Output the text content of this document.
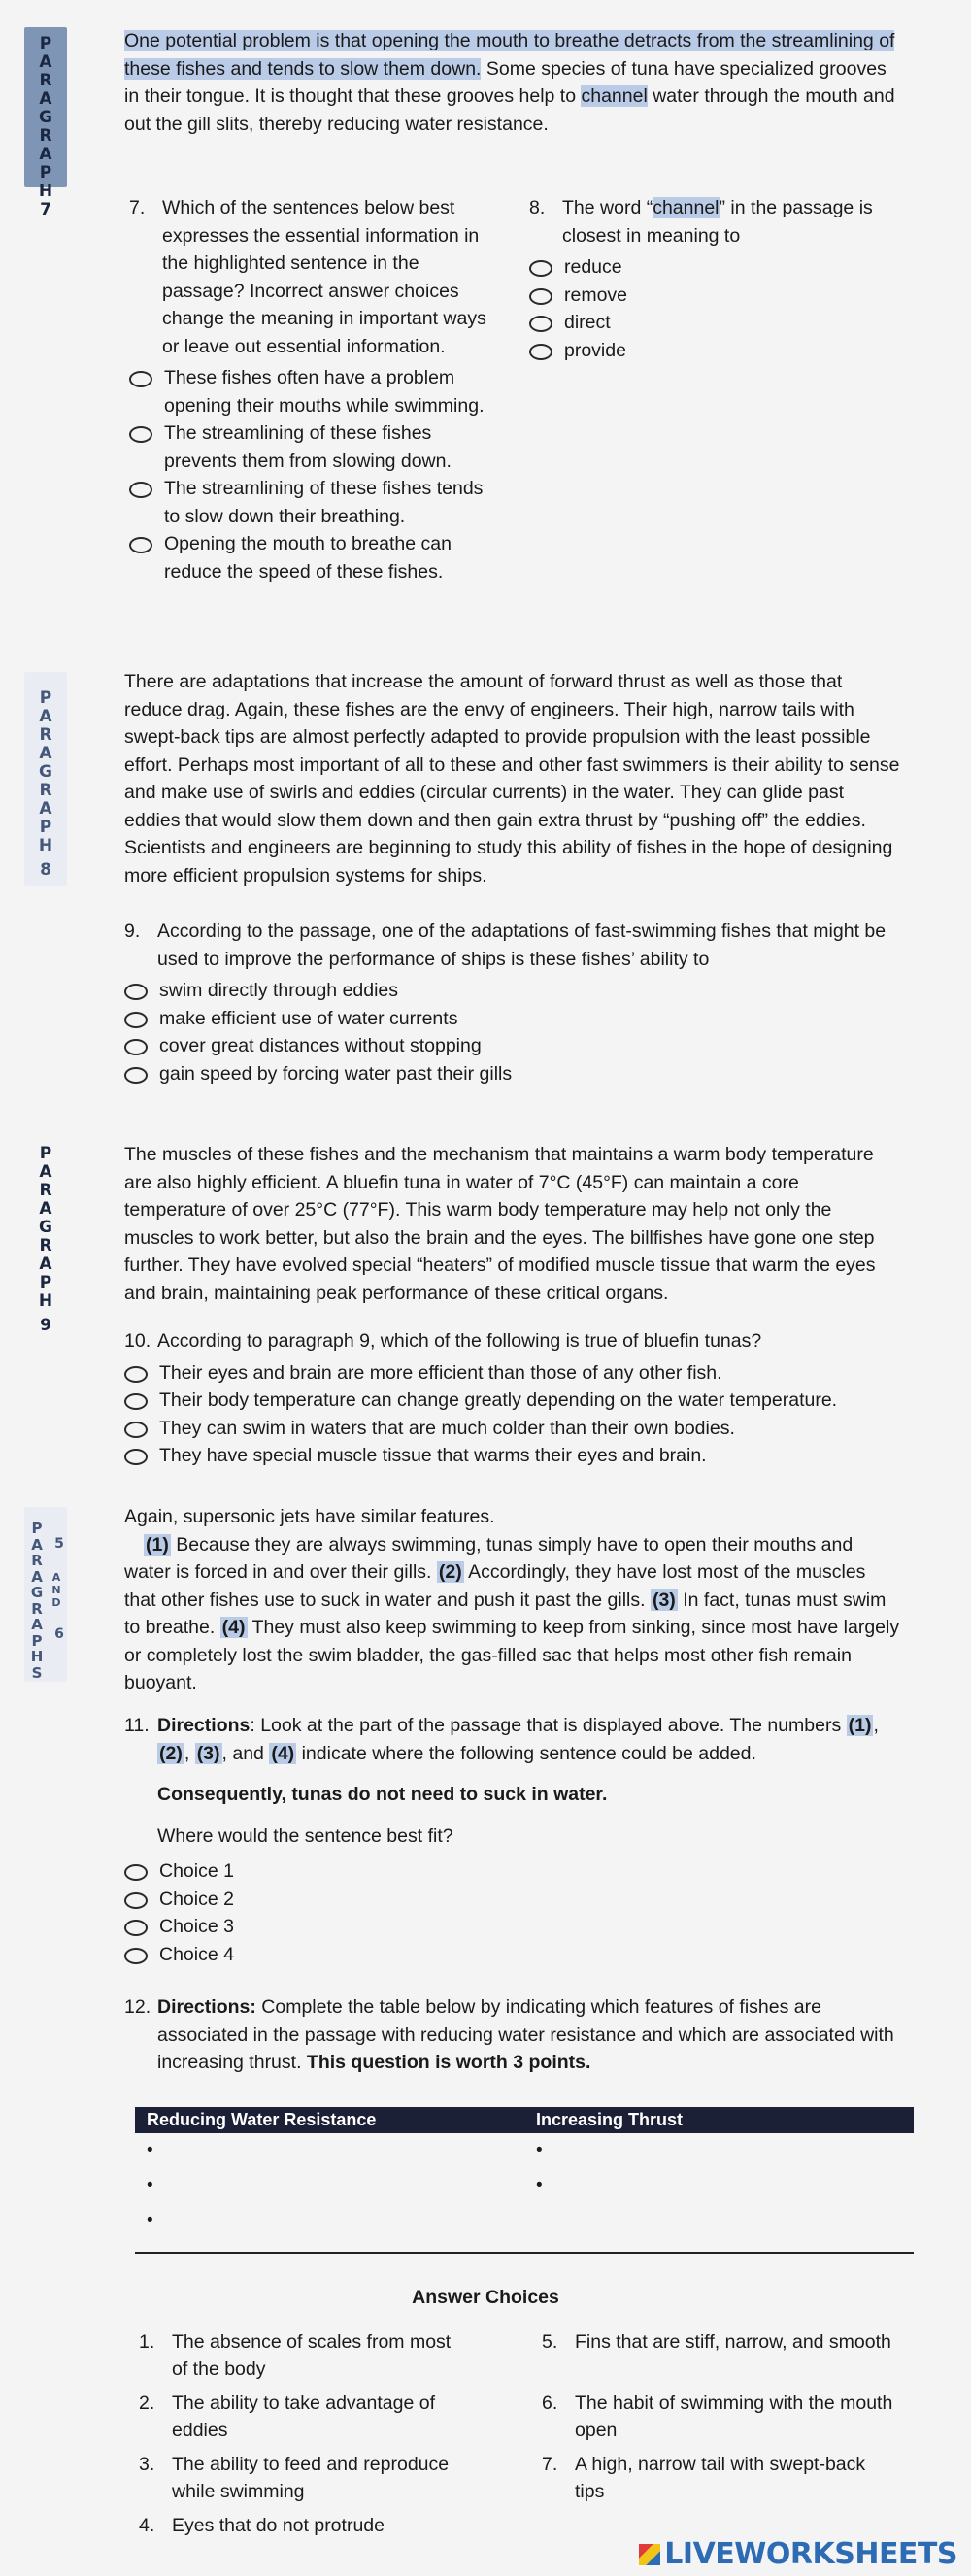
P
A
R
A
G
R
A
P
H
7
One potential problem is that opening the mouth to breathe detracts from the streamlining of these fishes and tends to slow them down. Some species of tuna have specialized grooves in their tongue. It is thought that these grooves help to channel water through the mouth and out the gill slits, thereby reducing water resistance.
7. Which of the sentences below best expresses the essential information in the highlighted sentence in the passage? Incorrect answer choices change the meaning in important ways or leave out essential information.
These fishes often have a problem opening their mouths while swimming.
The streamlining of these fishes prevents them from slowing down.
The streamlining of these fishes tends to slow down their breathing.
Opening the mouth to breathe can reduce the speed of these fishes.
8. The word “channel” in the passage is closest in meaning to
reduce
remove
direct
provide
P
A
R
A
G
R
A
P
H
8
There are adaptations that increase the amount of forward thrust as well as those that reduce drag. Again, these fishes are the envy of engineers. Their high, narrow tails with swept-back tips are almost perfectly adapted to provide propulsion with the least possible effort. Perhaps most important of all to these and other fast swimmers is their ability to sense and make use of swirls and eddies (circular currents) in the water. They can glide past eddies that would slow them down and then gain extra thrust by “pushing off” the eddies. Scientists and engineers are beginning to study this ability of fishes in the hope of designing more efficient propulsion systems for ships.
9. According to the passage, one of the adaptations of fast-swimming fishes that might be used to improve the performance of ships is these fishes’ ability to
swim directly through eddies
make efficient use of water currents
cover great distances without stopping
gain speed by forcing water past their gills
P
A
R
A
G
R
A
P
H
9
The muscles of these fishes and the mechanism that maintains a warm body temperature are also highly efficient. A bluefin tuna in water of 7°C (45°F) can maintain a core temperature of over 25°C (77°F). This warm body temperature may help not only the muscles to work better, but also the brain and the eyes. The billfishes have gone one step further. They have evolved special “heaters” of modified muscle tissue that warm the eyes and brain, maintaining peak performance of these critical organs.
10. According to paragraph 9, which of the following is true of bluefin tunas?
Their eyes and brain are more efficient than those of any other fish.
Their body temperature can change greatly depending on the water temperature.
They can swim in waters that are much colder than their own bodies.
They have special muscle tissue that warms their eyes and brain.
P
A
R
A
G
R
A
P
H
S
5
AND
6
Again, supersonic jets have similar features.
(1) Because they are always swimming, tunas simply have to open their mouths and water is forced in and over their gills. (2) Accordingly, they have lost most of the muscles that other fishes use to suck in water and push it past the gills. (3) In fact, tunas must swim to breathe. (4) They must also keep swimming to keep from sinking, since most have largely or completely lost the swim bladder, the gas-filled sac that helps most other fish remain buoyant.
11. Directions: Look at the part of the passage that is displayed above. The numbers (1) , (2) , (3) , and (4) indicate where the following sentence could be added.
Consequently, tunas do not need to suck in water.
Where would the sentence best fit?
Choice 1
Choice 2
Choice 3
Choice 4
12. Directions: Complete the table below by indicating which features of fishes are associated in the passage with reducing water resistance and which are associated with increasing thrust. This question is worth 3 points.
Reducing Water Resistance	Increasing Thrust
•	•
•	•
•	
Answer Choices
1. The absence of scales from most of the body
2. The ability to take advantage of eddies
3. The ability to feed and reproduce while swimming
4. Eyes that do not protrude
5. Fins that are stiff, narrow, and smooth
6. The habit of swimming with the mouth open
7. A high, narrow tail with swept-back tips
LIVEWORKSHEETS
